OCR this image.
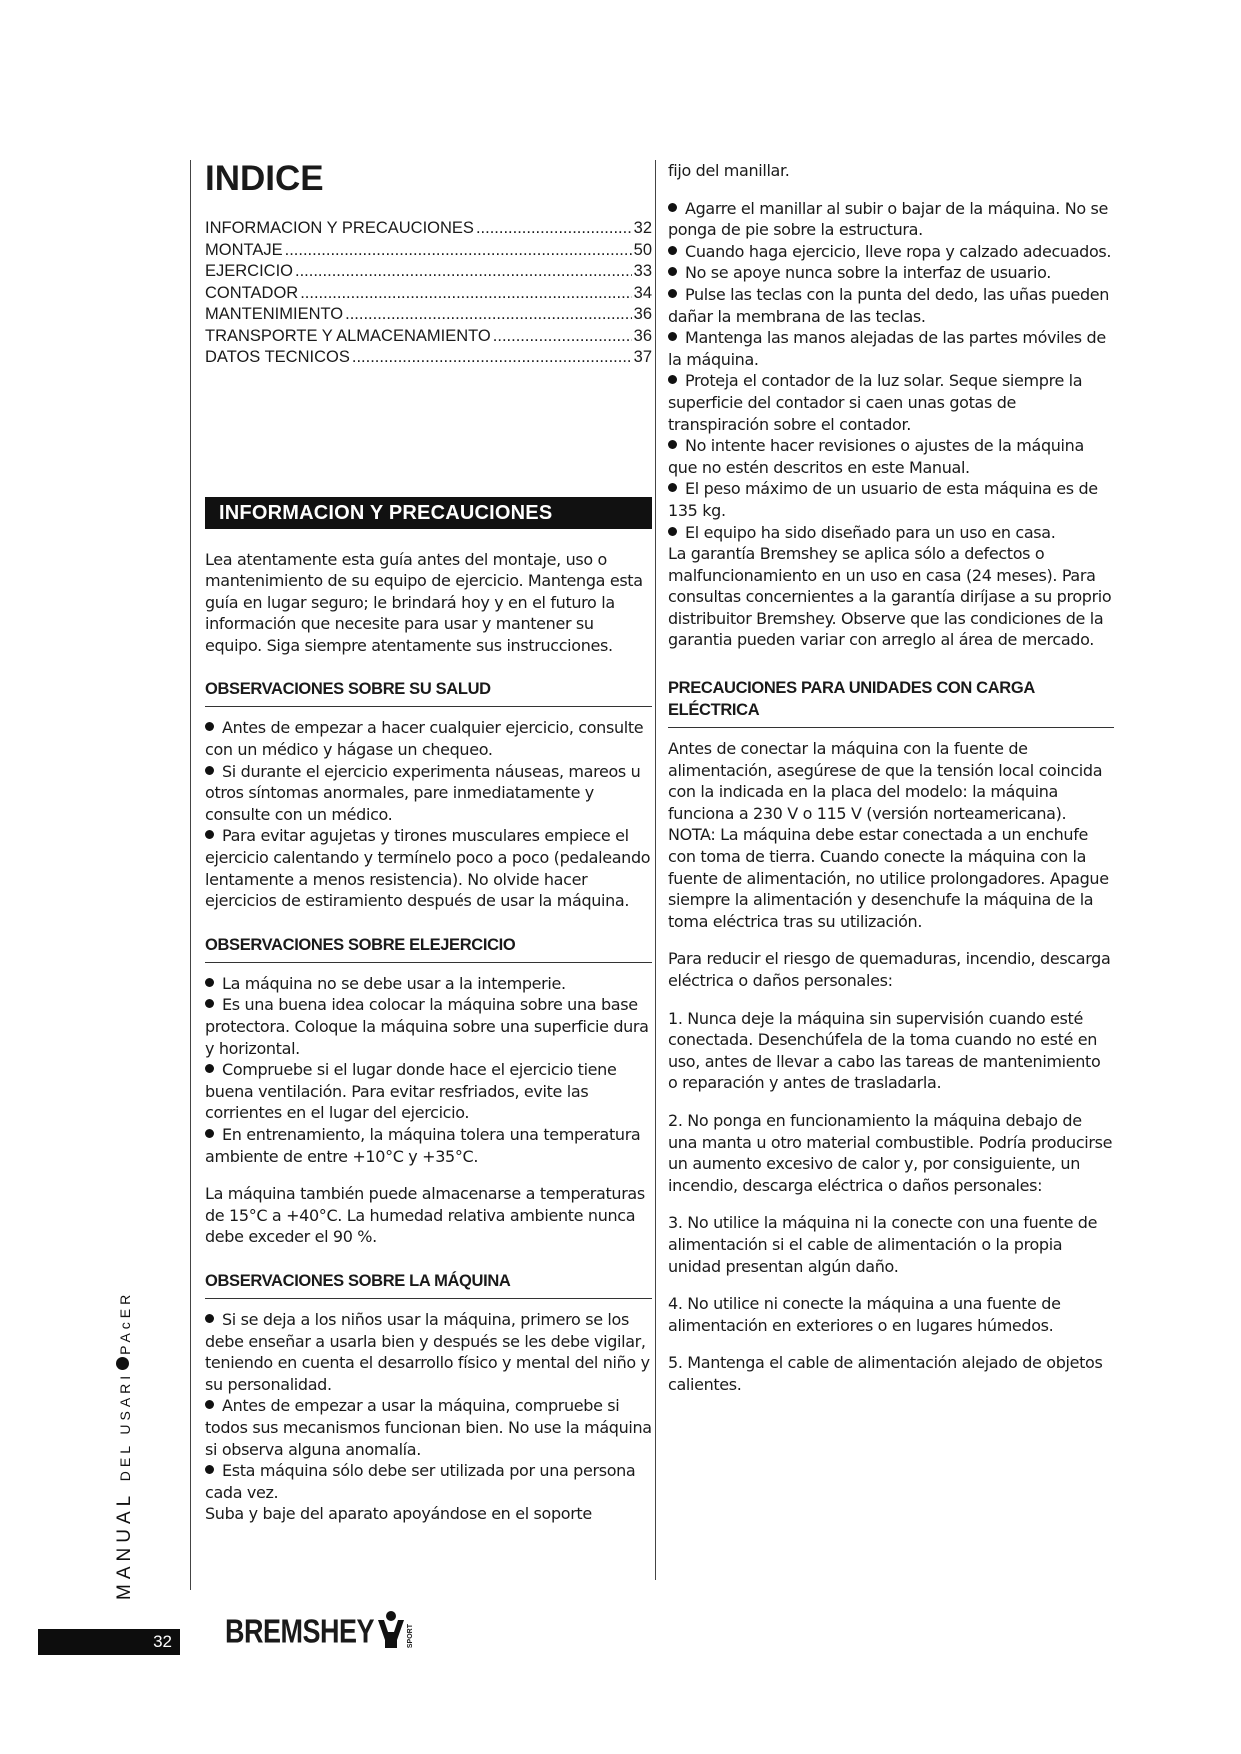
INDICE
INFORMACION Y PRECAUCIONES .....	32
MONTAJE .....	50
EJERCICIO .....	33
CONTADOR .....	34
MANTENIMIENTO .....	36
TRANSPORTE Y ALMACENAMIENTO .....	36
DATOS TECNICOS .....	37
INFORMACION Y PRECAUCIONES

Lea atentamente esta guía antes del montaje, uso o mantenimiento de su equipo de ejercicio. Mantenga esta guía en lugar seguro; le brindará hoy y en el futuro la información que necesite para usar y mantener su equipo. Siga siempre atentamente sus instrucciones.

OBSERVACIONES SOBRE SU SALUD

Antes de empezar a hacer cualquier ejercicio, consulte con un médico y hágase un chequeo.

Si durante el ejercicio experimenta náuseas, mareos u otros síntomas anormales, pare inmediatamente y consulte con un médico.

Para evitar agujetas y tirones musculares empiece el ejercicio calentando y termínelo poco a poco (pedaleando lentamente a menos resistencia). No olvide hacer ejercicios de estiramiento después de usar la máquina.

OBSERVACIONES SOBRE ELEJERCICIO

La máquina no se debe usar a la intemperie.

Es una buena idea colocar la máquina sobre una base protectora. Coloque la máquina sobre una superficie dura y horizontal.

Compruebe si el lugar donde hace el ejercicio tiene buena ventilación. Para evitar resfriados, evite las corrientes en el lugar del ejercicio.

En entrenamiento, la máquina tolera una temperatura ambiente de entre +10°C y +35°C.

La máquina también puede almacenarse a temperaturas de 15°C a +40°C. La humedad relativa ambiente nunca debe exceder el 90 %.

OBSERVACIONES SOBRE LA MÁQUINA

Si se deja a los niños usar la máquina, primero se los debe enseñar a usarla bien y después se les debe vigilar, teniendo en cuenta el desarrollo físico y mental del niño y su personalidad.

Antes de empezar a usar la máquina, compruebe si todos sus mecanismos funcionan bien. No use la máquina si observa alguna anomalía.

Esta máquina sólo debe ser utilizada por una persona cada vez.

Suba y baje del aparato apoyándose en el soporte

fijo del manillar.

Agarre el manillar al subir o bajar de la máquina. No se ponga de pie sobre la estructura.

Cuando haga ejercicio, lleve ropa y calzado adecuados.

No se apoye nunca sobre la interfaz de usuario.

Pulse las teclas con la punta del dedo, las uñas pueden dañar la membrana de las teclas.

Mantenga las manos alejadas de las partes móviles de la máquina.

Proteja el contador de la luz solar. Seque siempre la superficie del contador si caen unas gotas de transpiración sobre el contador.

No intente hacer revisiones o ajustes de la máquina que no estén descritos en este Manual.

El peso máximo de un usuario de esta máquina es de 135 kg.

El equipo ha sido diseñado para un uso en casa.

La garantía Bremshey se aplica sólo a defectos o malfuncionamiento en un uso en casa (24 meses). Para consultas concernientes a la garantía diríjase a su proprio distribuitor Bremshey. Observe que las condiciones de la garantia pueden variar con arreglo al área de mercado.

PRECAUCIONES PARA UNIDADES CON CARGA ELÉCTRICA

Antes de conectar la máquina con la fuente de alimentación, asegúrese de que la tensión local coincida con la indicada en la placa del modelo: la máquina funciona a 230 V o 115 V (versión norteamericana). NOTA: La máquina debe estar conectada a un enchufe con toma de tierra. Cuando conecte la máquina con la fuente de alimentación, no utilice prolongadores. Apague siempre la alimentación y desenchufe la máquina de la toma eléctrica tras su utilización.

Para reducir el riesgo de quemaduras, incendio, descarga eléctrica o daños personales:

1. Nunca deje la máquina sin supervisión cuando esté conectada. Desenchúfela de la toma cuando no esté en uso, antes de llevar a cabo las tareas de mantenimiento o reparación y antes de trasladarla.

2. No ponga en funcionamiento la máquina debajo de una manta u otro material combustible. Podría producirse un aumento excesivo de calor y, por consiguiente, un incendio, descarga eléctrica o daños personales:

3. No utilice la máquina ni la conecte con una fuente de alimentación si el cable de alimentación o la propia unidad presentan algún daño.

4. No utilice ni conecte la máquina a una fuente de alimentación en exteriores o en lugares húmedos.

5. Mantenga el cable de alimentación alejado de objetos calientes.

MANUAL DEL USARIPAcER
32 BREMSHEY	SPORT
